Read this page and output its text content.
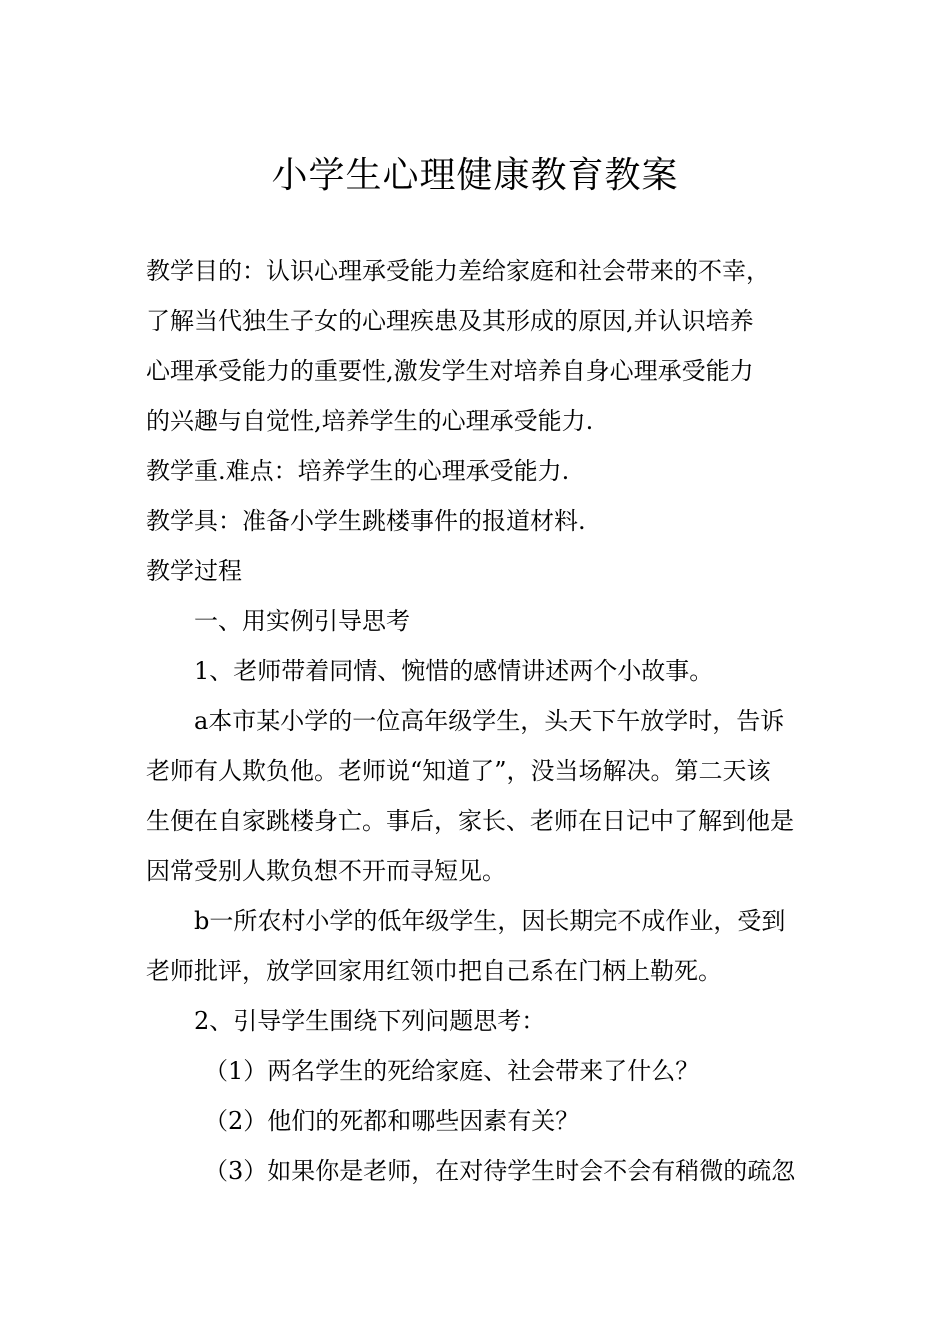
小学生心理健康教育教案
教学目的：认识心理承受能力差给家庭和社会带来的不幸，
了解当代独生子女的心理疾患及其形成的原因,并认识培养
心理承受能力的重要性,激发学生对培养自身心理承受能力
的兴趣与自觉性,培养学生的心理承受能力.
教学重.难点：培养学生的心理承受能力.
教学具：准备小学生跳楼事件的报道材料.
教学过程
一、用实例引导思考
1、老师带着同情、惋惜的感情讲述两个小故事。
a本市某小学的一位高年级学生，头天下午放学时，告诉
老师有人欺负他。老师说“知道了”，没当场解决。第二天该
生便在自家跳楼身亡。事后，家长、老师在日记中了解到他是
因常受别人欺负想不开而寻短见。
b一所农村小学的低年级学生，因长期完不成作业，受到
老师批评，放学回家用红领巾把自己系在门柄上勒死。
2、引导学生围绕下列问题思考：
（1）两名学生的死给家庭、社会带来了什么？
（2）他们的死都和哪些因素有关？
（3）如果你是老师，在对待学生时会不会有稍微的疏忽
